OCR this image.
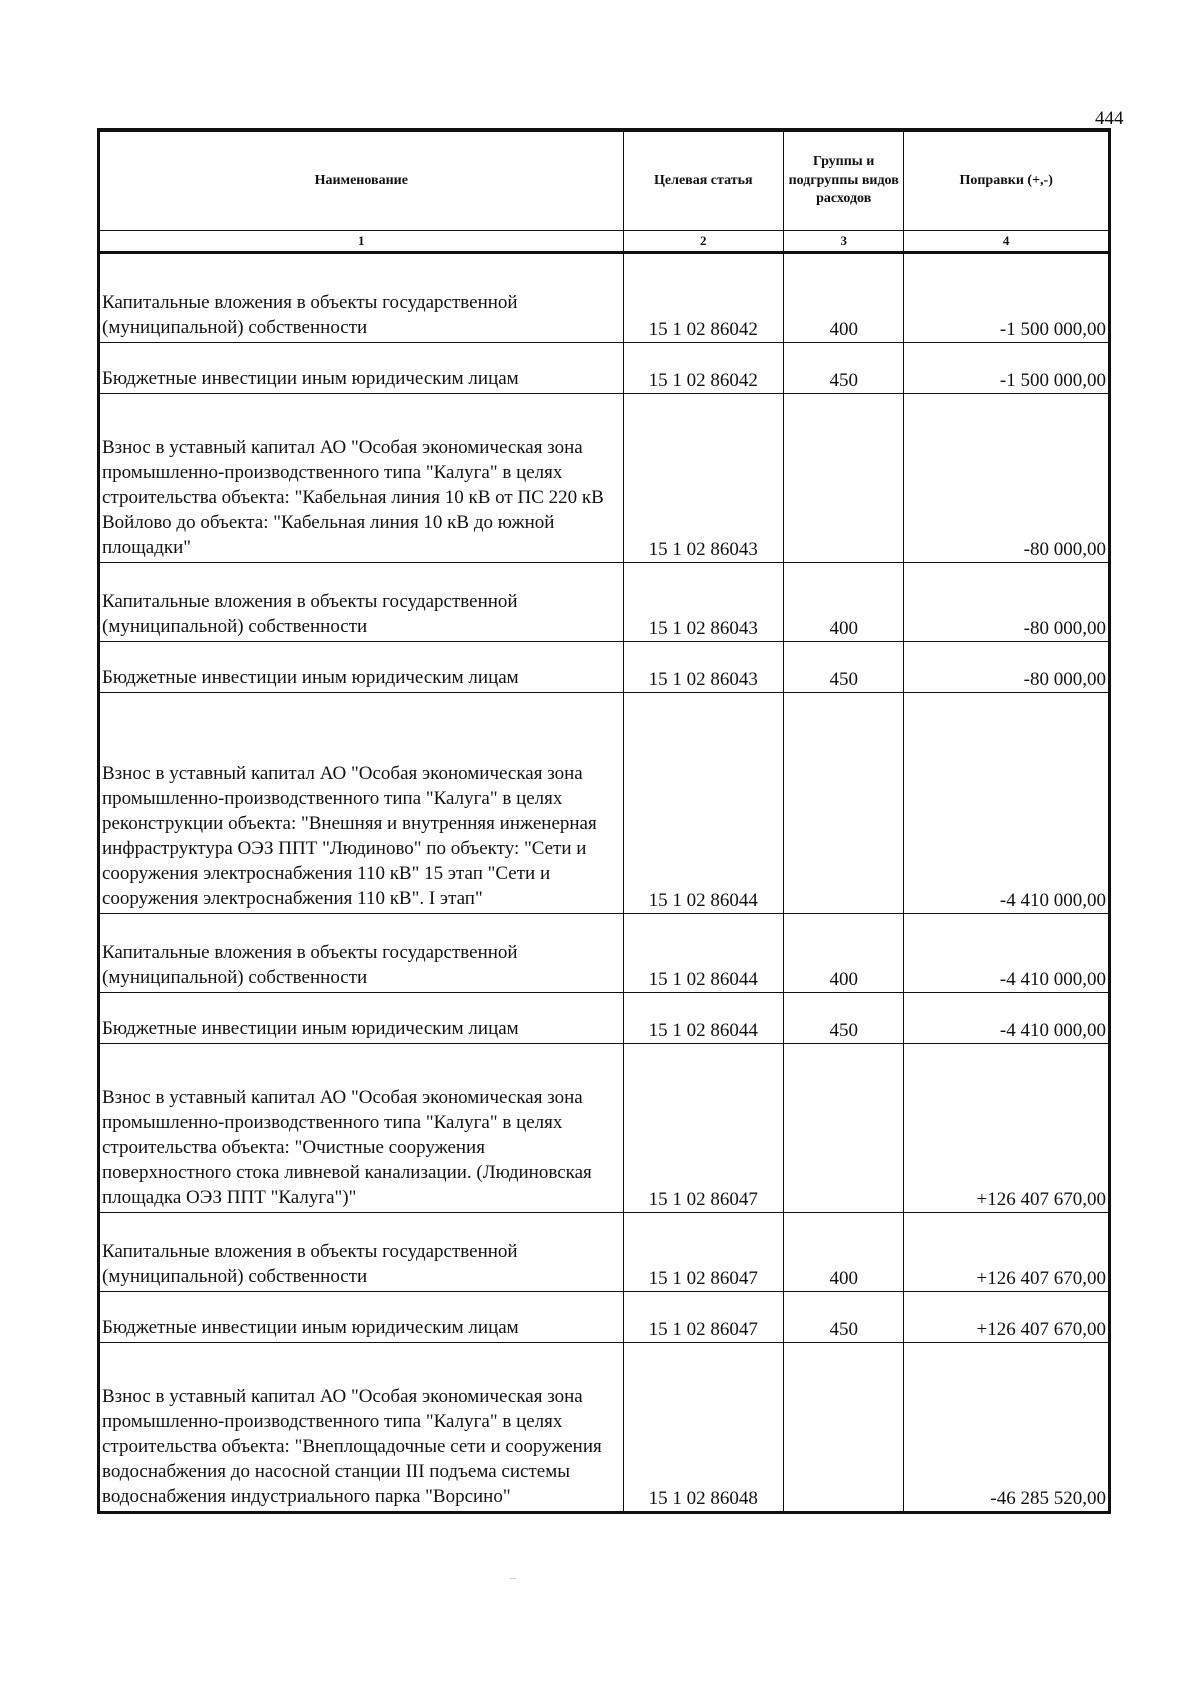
444
Наименование	Целевая статья	Группы и подгруппы видов расходов	Поправки (+,-)
1	2	3	4
Капитальные вложения в объекты государственной (муниципальной) собственности	15 1 02 86042	400	-1 500 000,00
Бюджетные инвестиции иным юридическим лицам	15 1 02 86042	450	-1 500 000,00
Взнос в уставный капитал АО "Особая экономическая зона промышленно-производственного типа "Калуга" в целях строительства объекта: "Кабельная линия 10 кВ от ПС 220 кВ Войлово до объекта: "Кабельная линия 10 кВ до южной площадки"	15 1 02 86043		-80 000,00
Капитальные вложения в объекты государственной (муниципальной) собственности	15 1 02 86043	400	-80 000,00
Бюджетные инвестиции иным юридическим лицам	15 1 02 86043	450	-80 000,00
Взнос в уставный капитал АО "Особая экономическая зона промышленно-производственного типа "Калуга" в целях реконструкции объекта: "Внешняя и внутренняя инженерная инфраструктура ОЭЗ ППТ "Людиново" по объекту: "Сети и сооружения электроснабжения 110 кВ" 15 этап "Сети и сооружения электроснабжения 110 кВ". I этап"	15 1 02 86044		-4 410 000,00
Капитальные вложения в объекты государственной (муниципальной) собственности	15 1 02 86044	400	-4 410 000,00
Бюджетные инвестиции иным юридическим лицам	15 1 02 86044	450	-4 410 000,00
Взнос в уставный капитал АО "Особая экономическая зона промышленно-производственного типа "Калуга" в целях строительства объекта: "Очистные сооружения поверхностного стока ливневой канализации. (Людиновская площадка ОЭЗ ППТ "Калуга")"	15 1 02 86047		+126 407 670,00
Капитальные вложения в объекты государственной (муниципальной) собственности	15 1 02 86047	400	+126 407 670,00
Бюджетные инвестиции иным юридическим лицам	15 1 02 86047	450	+126 407 670,00
Взнос в уставный капитал АО "Особая экономическая зона промышленно-производственного типа "Калуга" в целях строительства объекта: "Внеплощадочные сети и сооружения водоснабжения до насосной станции III подъема системы водоснабжения индустриального парка "Ворсино"	15 1 02 86048		-46 285 520,00
